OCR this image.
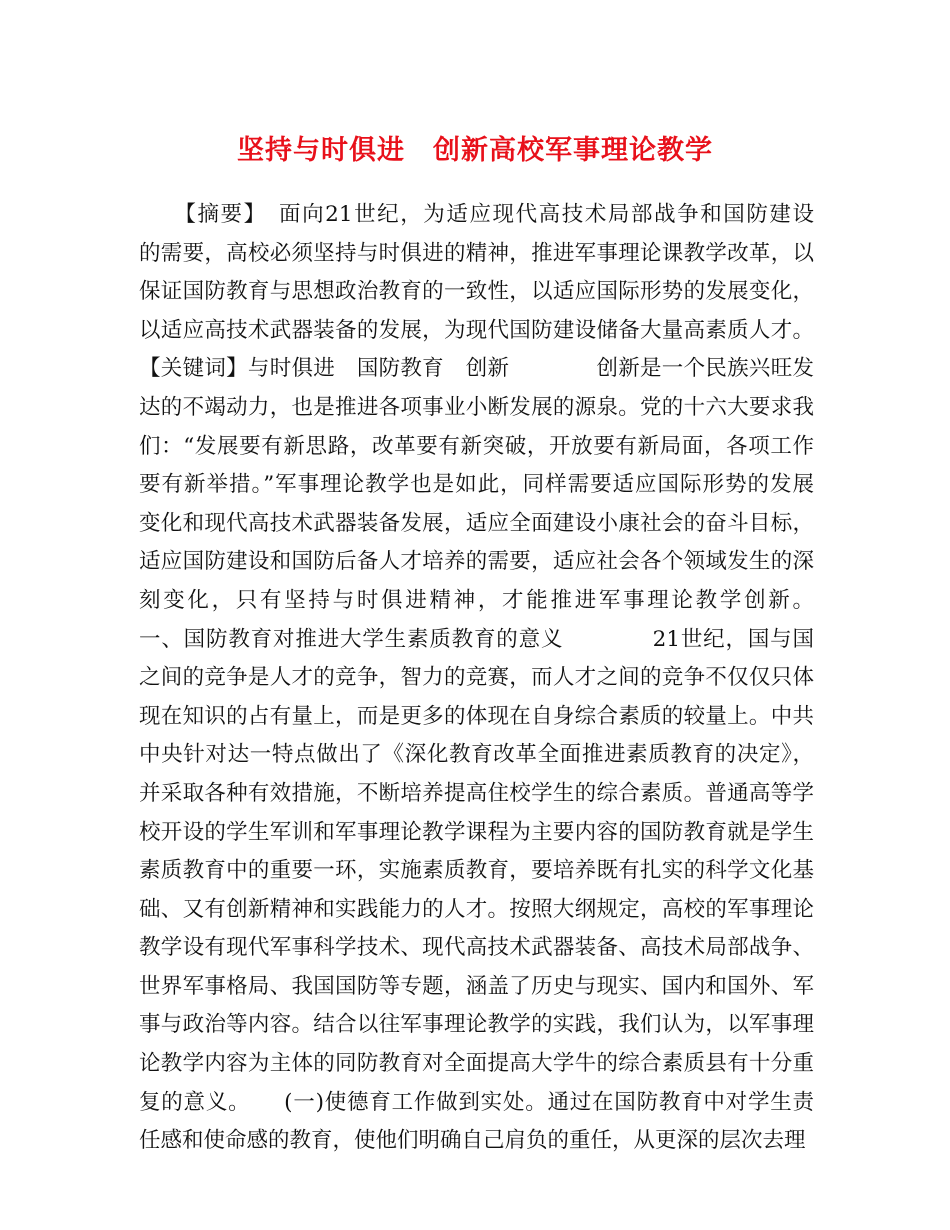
坚持与时俱进　创新高校军事理论教学
　　【摘要】　面向21世纪，为适应现代高技术局部战争和国防建设
的需要，高校必须坚持与时俱进的精神，推进军事理论课教学改革，以
保证国防教育与思想政治教育的一致性，以适应国际形势的发展变化，
以适应高技术武器装备的发展，为现代国防建设储备大量高素质人才。
【关键词】与时俱进　国防教育　创新　　　　创新是一个民族兴旺发
达的不竭动力，也是推进各项事业小断发展的源泉。党的十六大要求我
们：“发展要有新思路，改革要有新突破，开放要有新局面，各项工作
要有新举措。”军事理论教学也是如此，同样需要适应国际形势的发展
变化和现代高技术武器装备发展，适应全面建设小康社会的奋斗目标，
适应国防建设和国防后备人才培养的需要，适应社会各个领域发生的深
刻变化，只有坚持与时俱进精神，才能推进军事理论教学创新。
一、国防教育对推进大学生素质教育的意义　　　　21世纪，国与国
之间的竞争是人才的竞争，智力的竞赛，而人才之间的竞争不仅仅只体
现在知识的占有量上，而是更多的体现在自身综合素质的较量上。中共
中央针对达一特点做出了《深化教育改革全面推进素质教育的决定》，
并采取各种有效措施，不断培养提高住校学生的综合素质。普通高等学
校开设的学生军训和军事理论教学课程为主要内容的国防教育就是学生
素质教育中的重要一环，实施素质教育，要培养既有扎实的科学文化基
础、又有创新精神和实践能力的人才。按照大纲规定，高校的军事理论
教学设有现代军事科学技术、现代高技术武器装备、高技术局部战争、
世界军事格局、我国国防等专题，涵盖了历史与现实、国内和国外、军
事与政治等内容。结合以往军事理论教学的实践，我们认为，以军事理
论教学内容为主体的同防教育对全面提高大学牛的综合素质县有十分重
复的意义。　　(一)使德育工作做到实处。通过在国防教育中对学生责
任感和使命感的教育，使他们明确自己肩负的重任，从更深的层次去理
